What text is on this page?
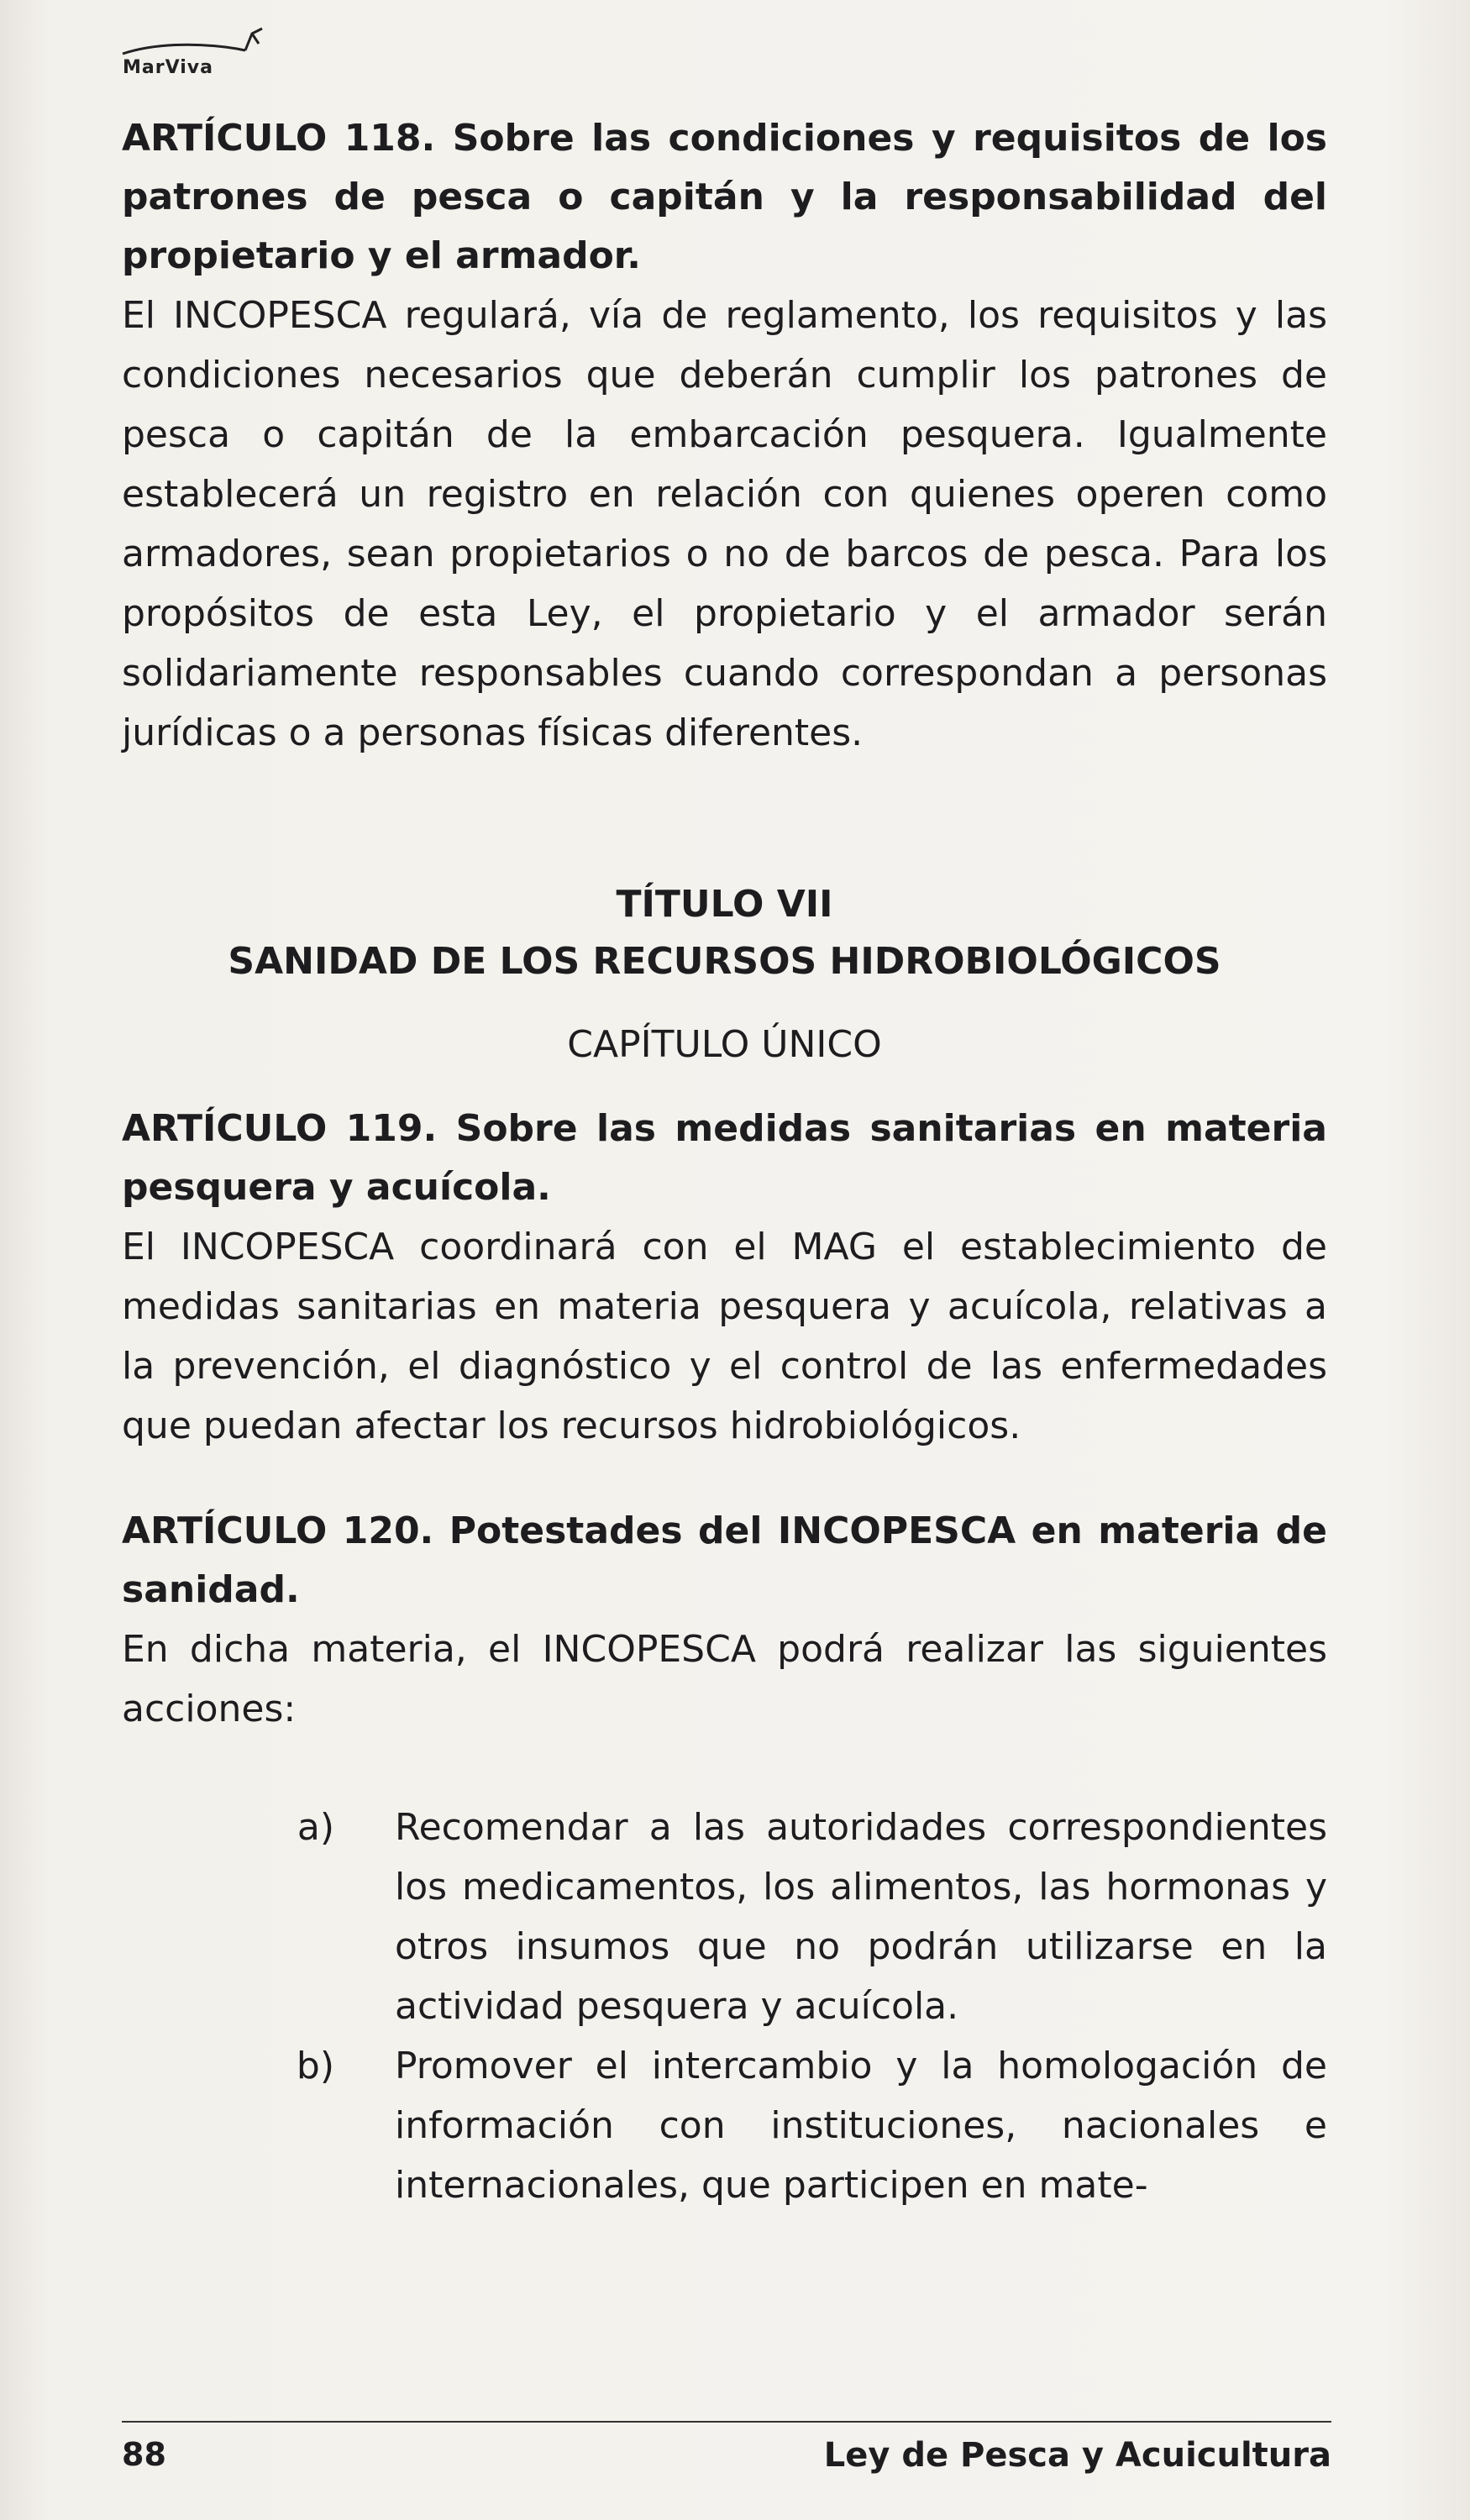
MarViva

ARTÍCULO 118. Sobre las condiciones y requisitos de los patrones de pesca o capitán y la responsabilidad del propietario y el armador.

El INCOPESCA regulará, vía de reglamento, los requisitos y las condiciones necesarios que deberán cumplir los patrones de pesca o capitán de la embarcación pesquera. Igualmente establecerá un registro en relación con quienes operen como armadores, sean propietarios o no de barcos de pesca. Para los propósitos de esta Ley, el propietario y el armador serán solidariamente responsables cuando correspondan a personas jurídicas o a personas físicas diferentes.

TÍTULO VII

SANIDAD DE LOS RECURSOS HIDROBIOLÓGICOS

CAPÍTULO ÚNICO

ARTÍCULO 119. Sobre las medidas sanitarias en materia pesquera y acuícola.

El INCOPESCA coordinará con el MAG el establecimiento de medidas sanitarias en materia pesquera y acuícola, relativas a la prevención, el diagnóstico y el control de las enfermedades que puedan afectar los recursos hidrobiológicos.

ARTÍCULO 120. Potestades del INCOPESCA en materia de sanidad.

En dicha materia, el INCOPESCA podrá realizar las siguientes acciones:

a)	Recomendar a las autoridades correspondientes los medicamentos, los alimentos, las hormonas y otros insumos que no podrán utilizarse en la actividad pesquera y acuícola.
b)	Promover el intercambio y la homologación de información con instituciones, nacionales e internacionales, que participen en mate-
88	Ley de Pesca y Acuicultura
